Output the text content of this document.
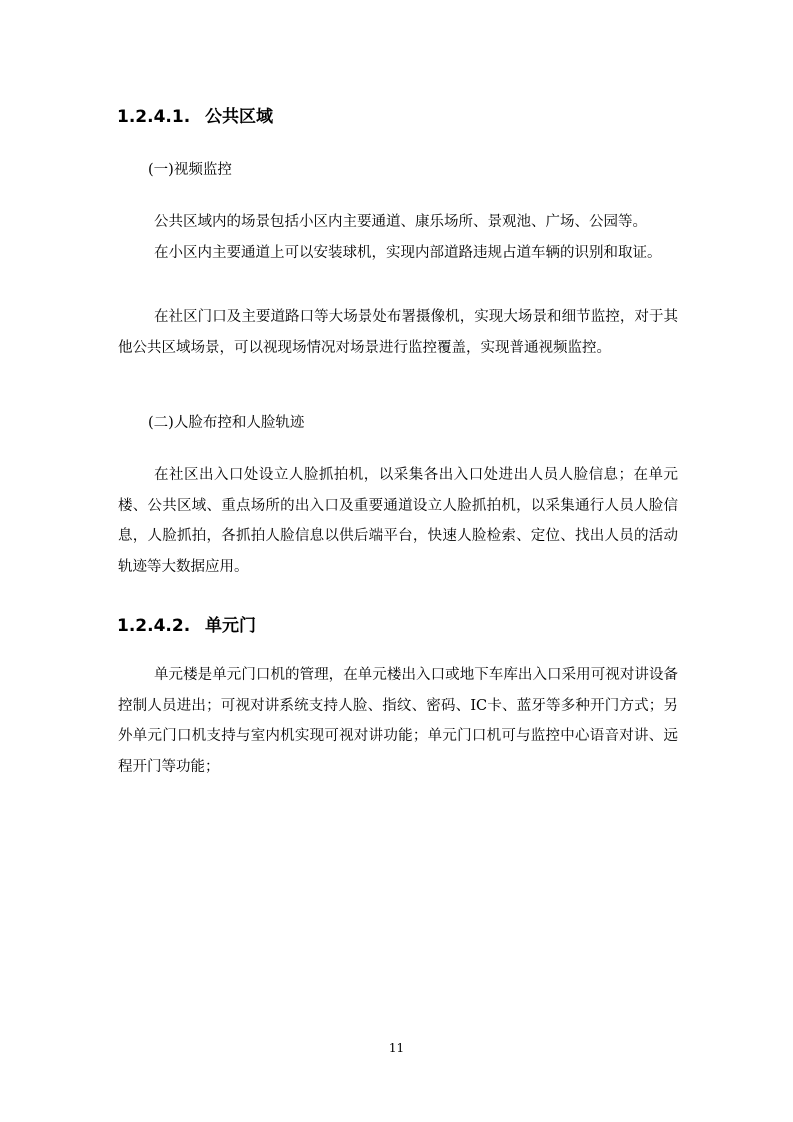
1.2.4.1. 公共区域
(一)视频监控

公共区域内的场景包括小区内主要通道、康乐场所、景观池、广场、公园等。

在小区内主要通道上可以安装球机，实现内部道路违规占道车辆的识别和取证。

在社区门口及主要道路口等大场景处布署摄像机，实现大场景和细节监控，对于其他公共区域场景，可以视现场情况对场景进行监控覆盖，实现普通视频监控。

(二)人脸布控和人脸轨迹

在社区出入口处设立人脸抓拍机，以采集各出入口处进出人员人脸信息；在单元楼、公共区域、重点场所的出入口及重要通道设立人脸抓拍机，以采集通行人员人脸信息，人脸抓拍，各抓拍人脸信息以供后端平台，快速人脸检索、定位、找出人员的活动轨迹等大数据应用。

1.2.4.2. 单元门

单元楼是单元门口机的管理，在单元楼出入口或地下车库出入口采用可视对讲设备控制人员进出；可视对讲系统支持人脸、指纹、密码、IC卡、蓝牙等多种开门方式；另外单元门口机支持与室内机实现可视对讲功能；单元门口机可与监控中心语音对讲、远程开门等功能；

11
